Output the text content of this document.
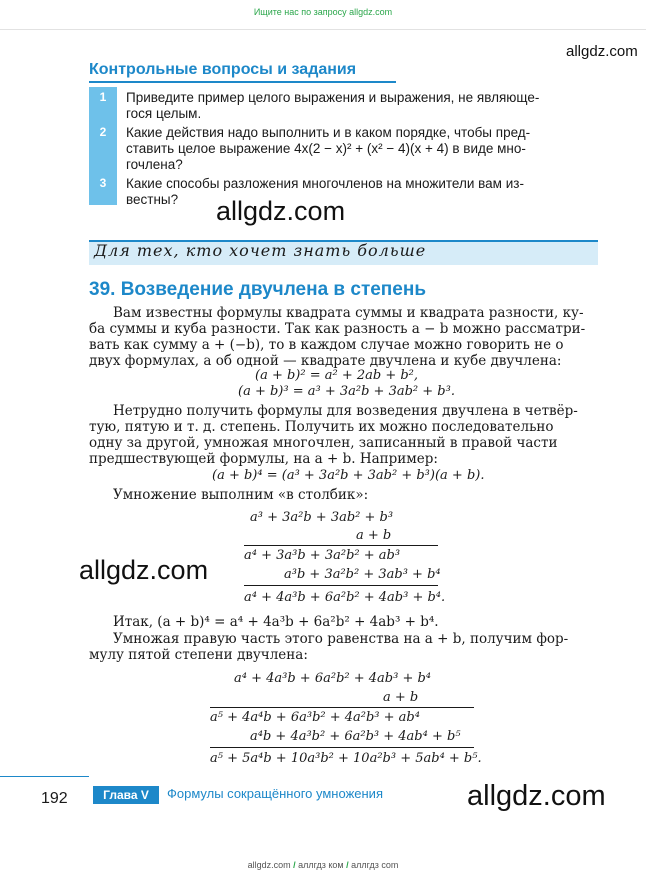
Ищите нас по запросу allgdz.com
allgdz.com
Контрольные вопросы и задания
1	Приведите пример целого выражения и выражения, не являюще-
гося целым.
2	Какие действия надо выполнить и в каком порядке, чтобы пред-
ставить целое выражение 4x(2 − x)² + (x² − 4)(x + 4) в виде мно-
гочлена?
3	Какие способы разложения многочленов на множители вам из-
вестны?	allgdz.com
Для тех, кто хочет знать больше
39. Возведение двучлена в степень
Вам известны формулы квадрата суммы и квадрата разности, ку-
ба суммы и куба разности. Так как разность a − b можно рассматри-
вать как сумму a + (−b), то в каждом случае можно говорить не о
двух формулах, а об одной — квадрате двучлена и кубе двучлена:
(a + b)² = a² + 2ab + b²,
(a + b)³ = a³ + 3a²b + 3ab² + b³.
Нетрудно получить формулы для возведения двучлена в четвёр-
тую, пятую и т. д. степень. Получить их можно последовательно
одну за другой, умножая многочлен, записанный в правой части
предшествующей формулы, на a + b. Например:
(a + b)⁴ = (a³ + 3a²b + 3ab² + b³)(a + b).
Умножение выполним «в столбик»:
a³ + 3a²b + 3ab² + b³
a + b
a⁴ + 3a³b + 3a²b² + ab³
a³b + 3a²b² + 3ab³ + b⁴
a⁴ + 4a³b + 6a²b² + 4ab³ + b⁴.
allgdz.com
Итак, (a + b)⁴ = a⁴ + 4a³b + 6a²b² + 4ab³ + b⁴.
Умножая правую часть этого равенства на a + b, получим фор-
мулу пятой степени двучлена:
a⁴ + 4a³b + 6a²b² + 4ab³ + b⁴
a + b
a⁵ + 4a⁴b + 6a³b² + 4a²b³ + ab⁴
a⁴b + 4a³b² + 6a²b³ + 4ab⁴ + b⁵
a⁵ + 5a⁴b + 10a³b² + 10a²b³ + 5ab⁴ + b⁵.
192	Глава V	Формулы сокращённого умножения	allgdz.com
allgdz.com / аллгдз ком / аллгдз com
